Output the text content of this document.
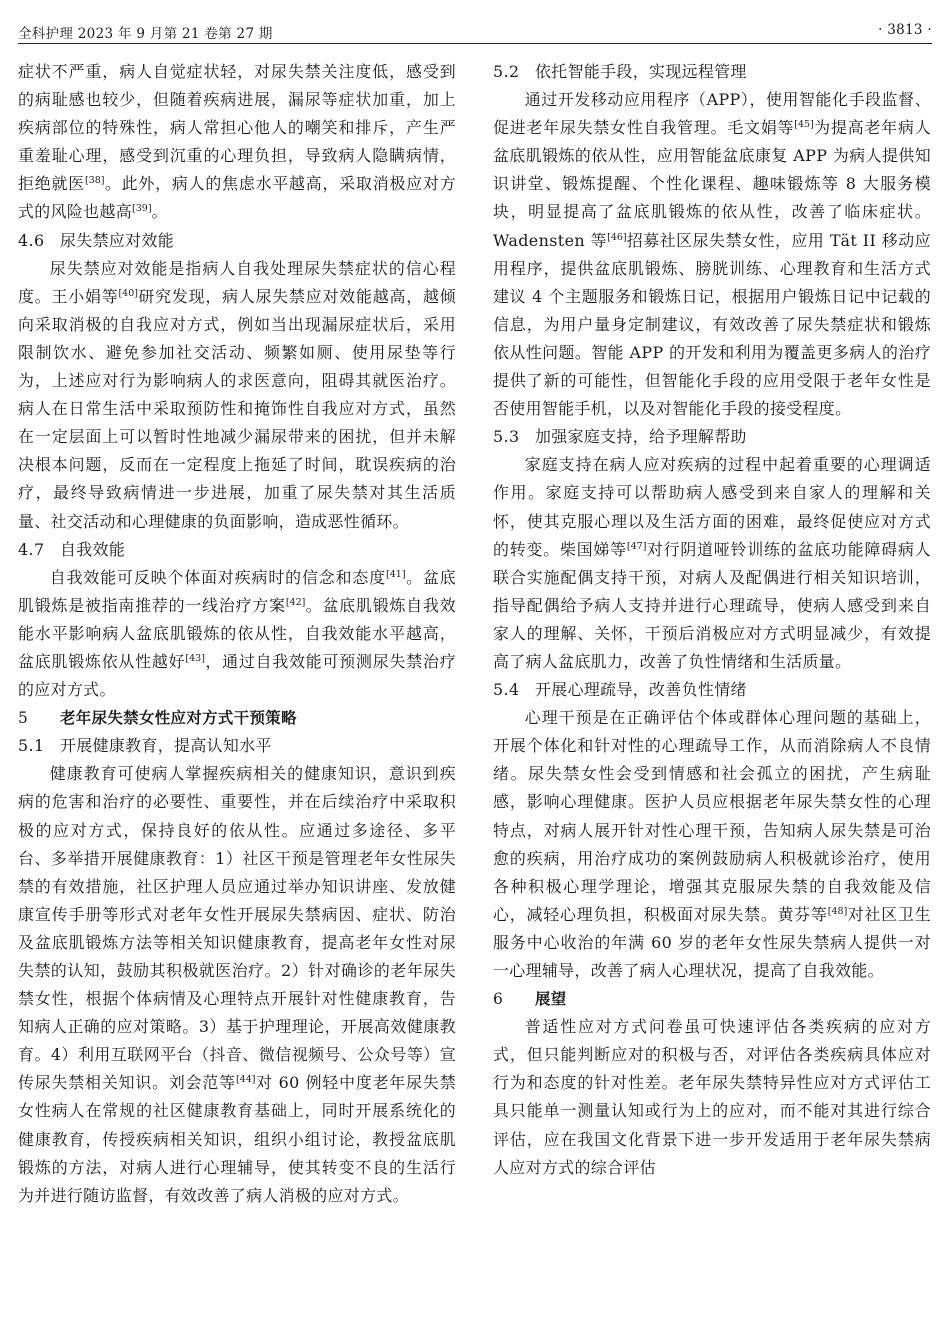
全科护理 2023 年 9 月第 21 卷第 27 期	· 3813 ·

症状不严重，病人自觉症状轻，对尿失禁关注度低，感受到的病耻感也较少，但随着疾病进展，漏尿等症状加重，加上疾病部位的特殊性，病人常担心他人的嘲笑和排斥，产生严重羞耻心理，感受到沉重的心理负担，导致病人隐瞒病情，拒绝就医[38]。此外，病人的焦虑水平越高，采取消极应对方式的风险也越高[39]。

4.6 尿失禁应对效能

尿失禁应对效能是指病人自我处理尿失禁症状的信心程度。王小娟等[40]研究发现，病人尿失禁应对效能越高，越倾向采取消极的自我应对方式，例如当出现漏尿症状后，采用限制饮水、避免参加社交活动、频繁如厕、使用尿垫等行为，上述应对行为影响病人的求医意向，阻碍其就医治疗。病人在日常生活中采取预防性和掩饰性自我应对方式，虽然在一定层面上可以暂时性地减少漏尿带来的困扰，但并未解决根本问题，反而在一定程度上拖延了时间，耽误疾病的治疗，最终导致病情进一步进展，加重了尿失禁对其生活质量、社交活动和心理健康的负面影响，造成恶性循环。

4.7 自我效能

自我效能可反映个体面对疾病时的信念和态度[41]。盆底肌锻炼是被指南推荐的一线治疗方案[42]。盆底肌锻炼自我效能水平影响病人盆底肌锻炼的依从性，自我效能水平越高，盆底肌锻炼依从性越好[43]，通过自我效能可预测尿失禁治疗的应对方式。

5 老年尿失禁女性应对方式干预策略
5.1 开展健康教育，提高认知水平

健康教育可使病人掌握疾病相关的健康知识，意识到疾病的危害和治疗的必要性、重要性，并在后续治疗中采取积极的应对方式，保持良好的依从性。应通过多途径、多平台、多举措开展健康教育：1）社区干预是管理老年女性尿失禁的有效措施，社区护理人员应通过举办知识讲座、发放健康宣传手册等形式对老年女性开展尿失禁病因、症状、防治及盆底肌锻炼方法等相关知识健康教育，提高老年女性对尿失禁的认知，鼓励其积极就医治疗。2）针对确诊的老年尿失禁女性，根据个体病情及心理特点开展针对性健康教育，告知病人正确的应对策略。3）基于护理理论，开展高效健康教育。4）利用互联网平台（抖音、微信视频号、公众号等）宣传尿失禁相关知识。刘会范等[44]对 60 例轻中度老年尿失禁女性病人在常规的社区健康教育基础上，同时开展系统化的健康教育，传授疾病相关知识，组织小组讨论，教授盆底肌锻炼的方法，对病人进行心理辅导，使其转变不良的生活行为并进行随访监督，有效改善了病人消极的应对方式。

5.2 依托智能手段，实现远程管理

通过开发移动应用程序（APP），使用智能化手段监督、促进老年尿失禁女性自我管理。毛文娟等[45]为提高老年病人盆底肌锻炼的依从性，应用智能盆底康复 APP 为病人提供知识讲堂、锻炼提醒、个性化课程、趣味锻炼等 8 大服务模块，明显提高了盆底肌锻炼的依从性，改善了临床症状。Wadensten 等[46]招募社区尿失禁女性，应用 Tät II 移动应用程序，提供盆底肌锻炼、膀胱训练、心理教育和生活方式建议 4 个主题服务和锻炼日记，根据用户锻炼日记中记载的信息，为用户量身定制建议，有效改善了尿失禁症状和锻炼依从性问题。智能 APP 的开发和利用为覆盖更多病人的治疗提供了新的可能性，但智能化手段的应用受限于老年女性是否使用智能手机，以及对智能化手段的接受程度。

5.3 加强家庭支持，给予理解帮助

家庭支持在病人应对疾病的过程中起着重要的心理调适作用。家庭支持可以帮助病人感受到来自家人的理解和关怀，使其克服心理以及生活方面的困难，最终促使应对方式的转变。柴国娣等[47]对行阴道哑铃训练的盆底功能障碍病人联合实施配偶支持干预，对病人及配偶进行相关知识培训，指导配偶给予病人支持并进行心理疏导，使病人感受到来自家人的理解、关怀，干预后消极应对方式明显减少，有效提高了病人盆底肌力，改善了负性情绪和生活质量。

5.4 开展心理疏导，改善负性情绪

心理干预是在正确评估个体或群体心理问题的基础上，开展个体化和针对性的心理疏导工作，从而消除病人不良情绪。尿失禁女性会受到情感和社会孤立的困扰，产生病耻感，影响心理健康。医护人员应根据老年尿失禁女性的心理特点，对病人展开针对性心理干预，告知病人尿失禁是可治愈的疾病，用治疗成功的案例鼓励病人积极就诊治疗，使用各种积极心理学理论，增强其克服尿失禁的自我效能及信心，减轻心理负担，积极面对尿失禁。黄芬等[48]对社区卫生服务中心收治的年满 60 岁的老年女性尿失禁病人提供一对一心理辅导，改善了病人心理状况，提高了自我效能。

6 展望

普适性应对方式问卷虽可快速评估各类疾病的应对方式，但只能判断应对的积极与否，对评估各类疾病具体应对行为和态度的针对性差。老年尿失禁特异性应对方式评估工具只能单一测量认知或行为上的应对，而不能对其进行综合评估，应在我国文化背景下进一步开发适用于老年尿失禁病人应对方式的综合评估
